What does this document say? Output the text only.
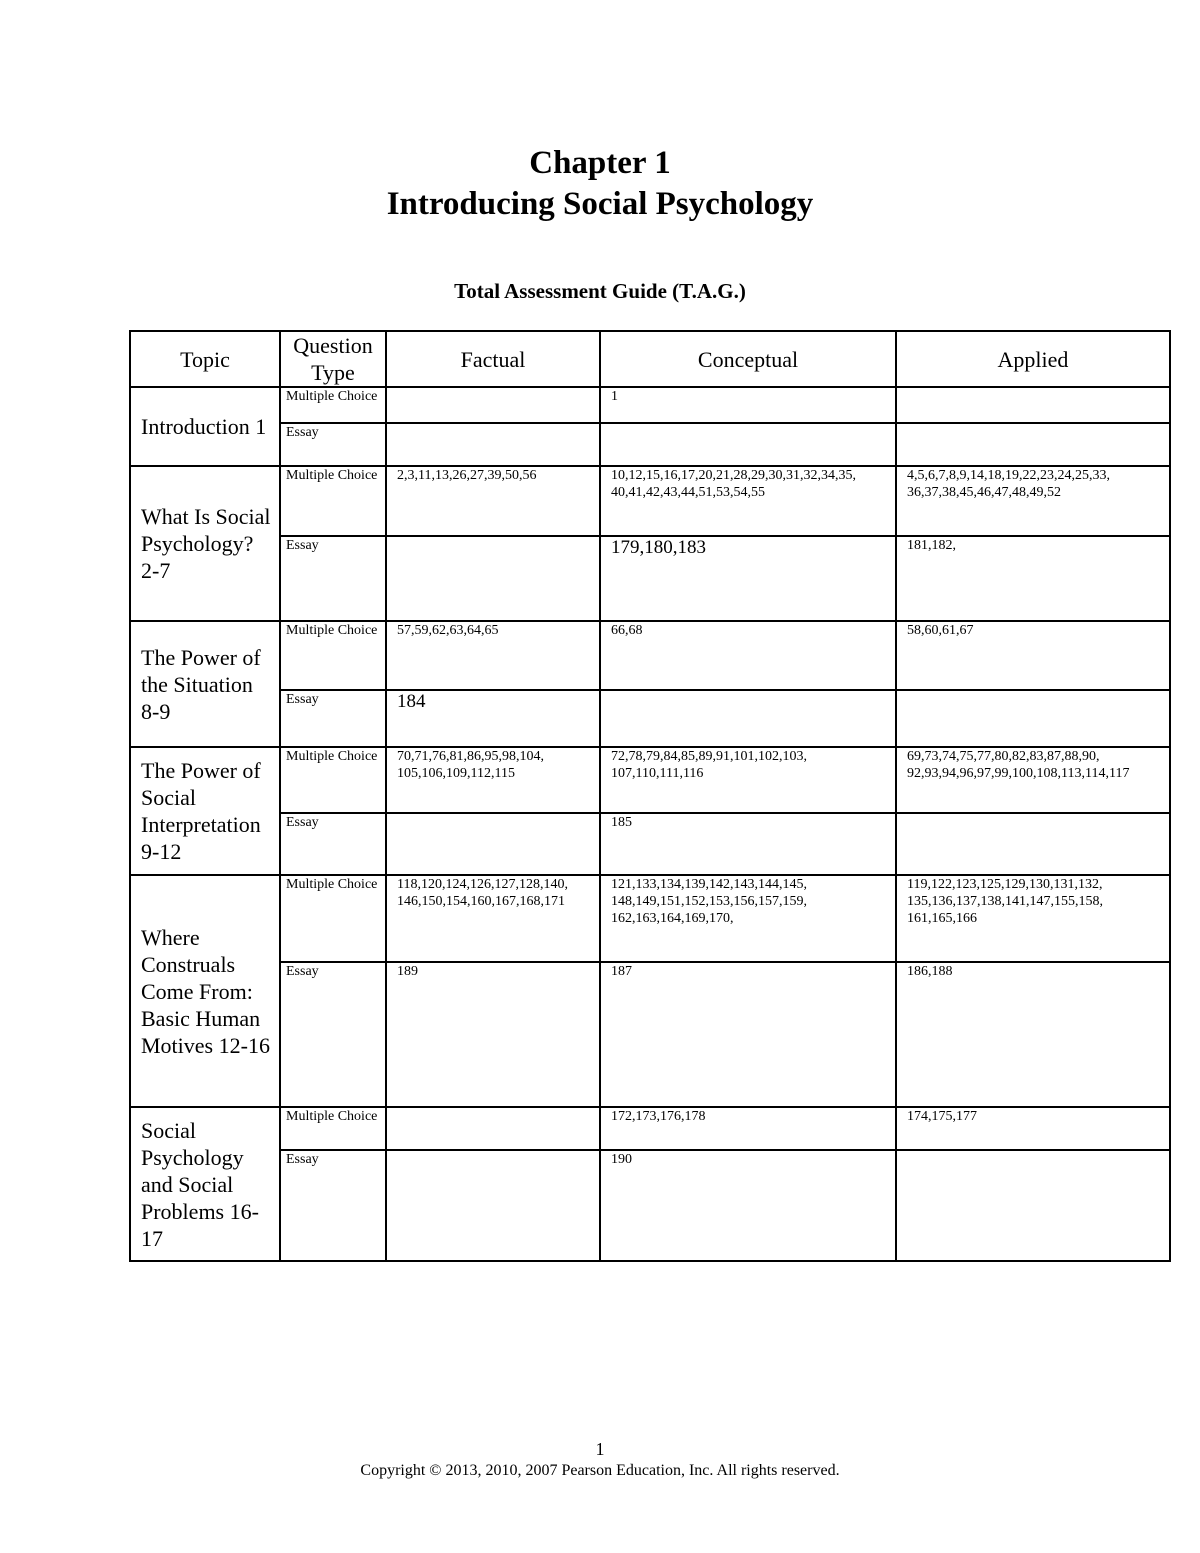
Chapter 1
Introducing Social Psychology
Total Assessment Guide (T.A.G.)
Topic	Question Type	Factual	Conceptual	Applied
Introduction 1	Multiple Choice		1	
	Essay			
What Is Social Psychology? 2-7	Multiple Choice	2,3,11,13,26,27,39,50,56	10,12,15,16,17,20,21,28,29,30,31,32,34,35, 40,41,42,43,44,51,53,54,55	4,5,6,7,8,9,14,18,19,22,23,24,25,33, 36,37,38,45,46,47,48,49,52
	Essay		179,180,183	181,182,
The Power of the Situation 8-9	Multiple Choice	57,59,62,63,64,65	66,68	58,60,61,67
	Essay	184		
The Power of Social Interpretation 9-12	Multiple Choice	70,71,76,81,86,95,98,104, 105,106,109,112,115	72,78,79,84,85,89,91,101,102,103, 107,110,111,116	69,73,74,75,77,80,82,83,87,88,90, 92,93,94,96,97,99,100,108,113,114,117
	Essay		185	
Where Construals Come From: Basic Human Motives 12-16	Multiple Choice	118,120,124,126,127,128,140, 146,150,154,160,167,168,171	121,133,134,139,142,143,144,145, 148,149,151,152,153,156,157,159, 162,163,164,169,170,	119,122,123,125,129,130,131,132, 135,136,137,138,141,147,155,158, 161,165,166
	Essay	189	187	186,188
Social Psychology and Social Problems 16-17	Multiple Choice		172,173,176,178	174,175,177
	Essay		190	
1
Copyright © 2013, 2010, 2007 Pearson Education, Inc. All rights reserved.
